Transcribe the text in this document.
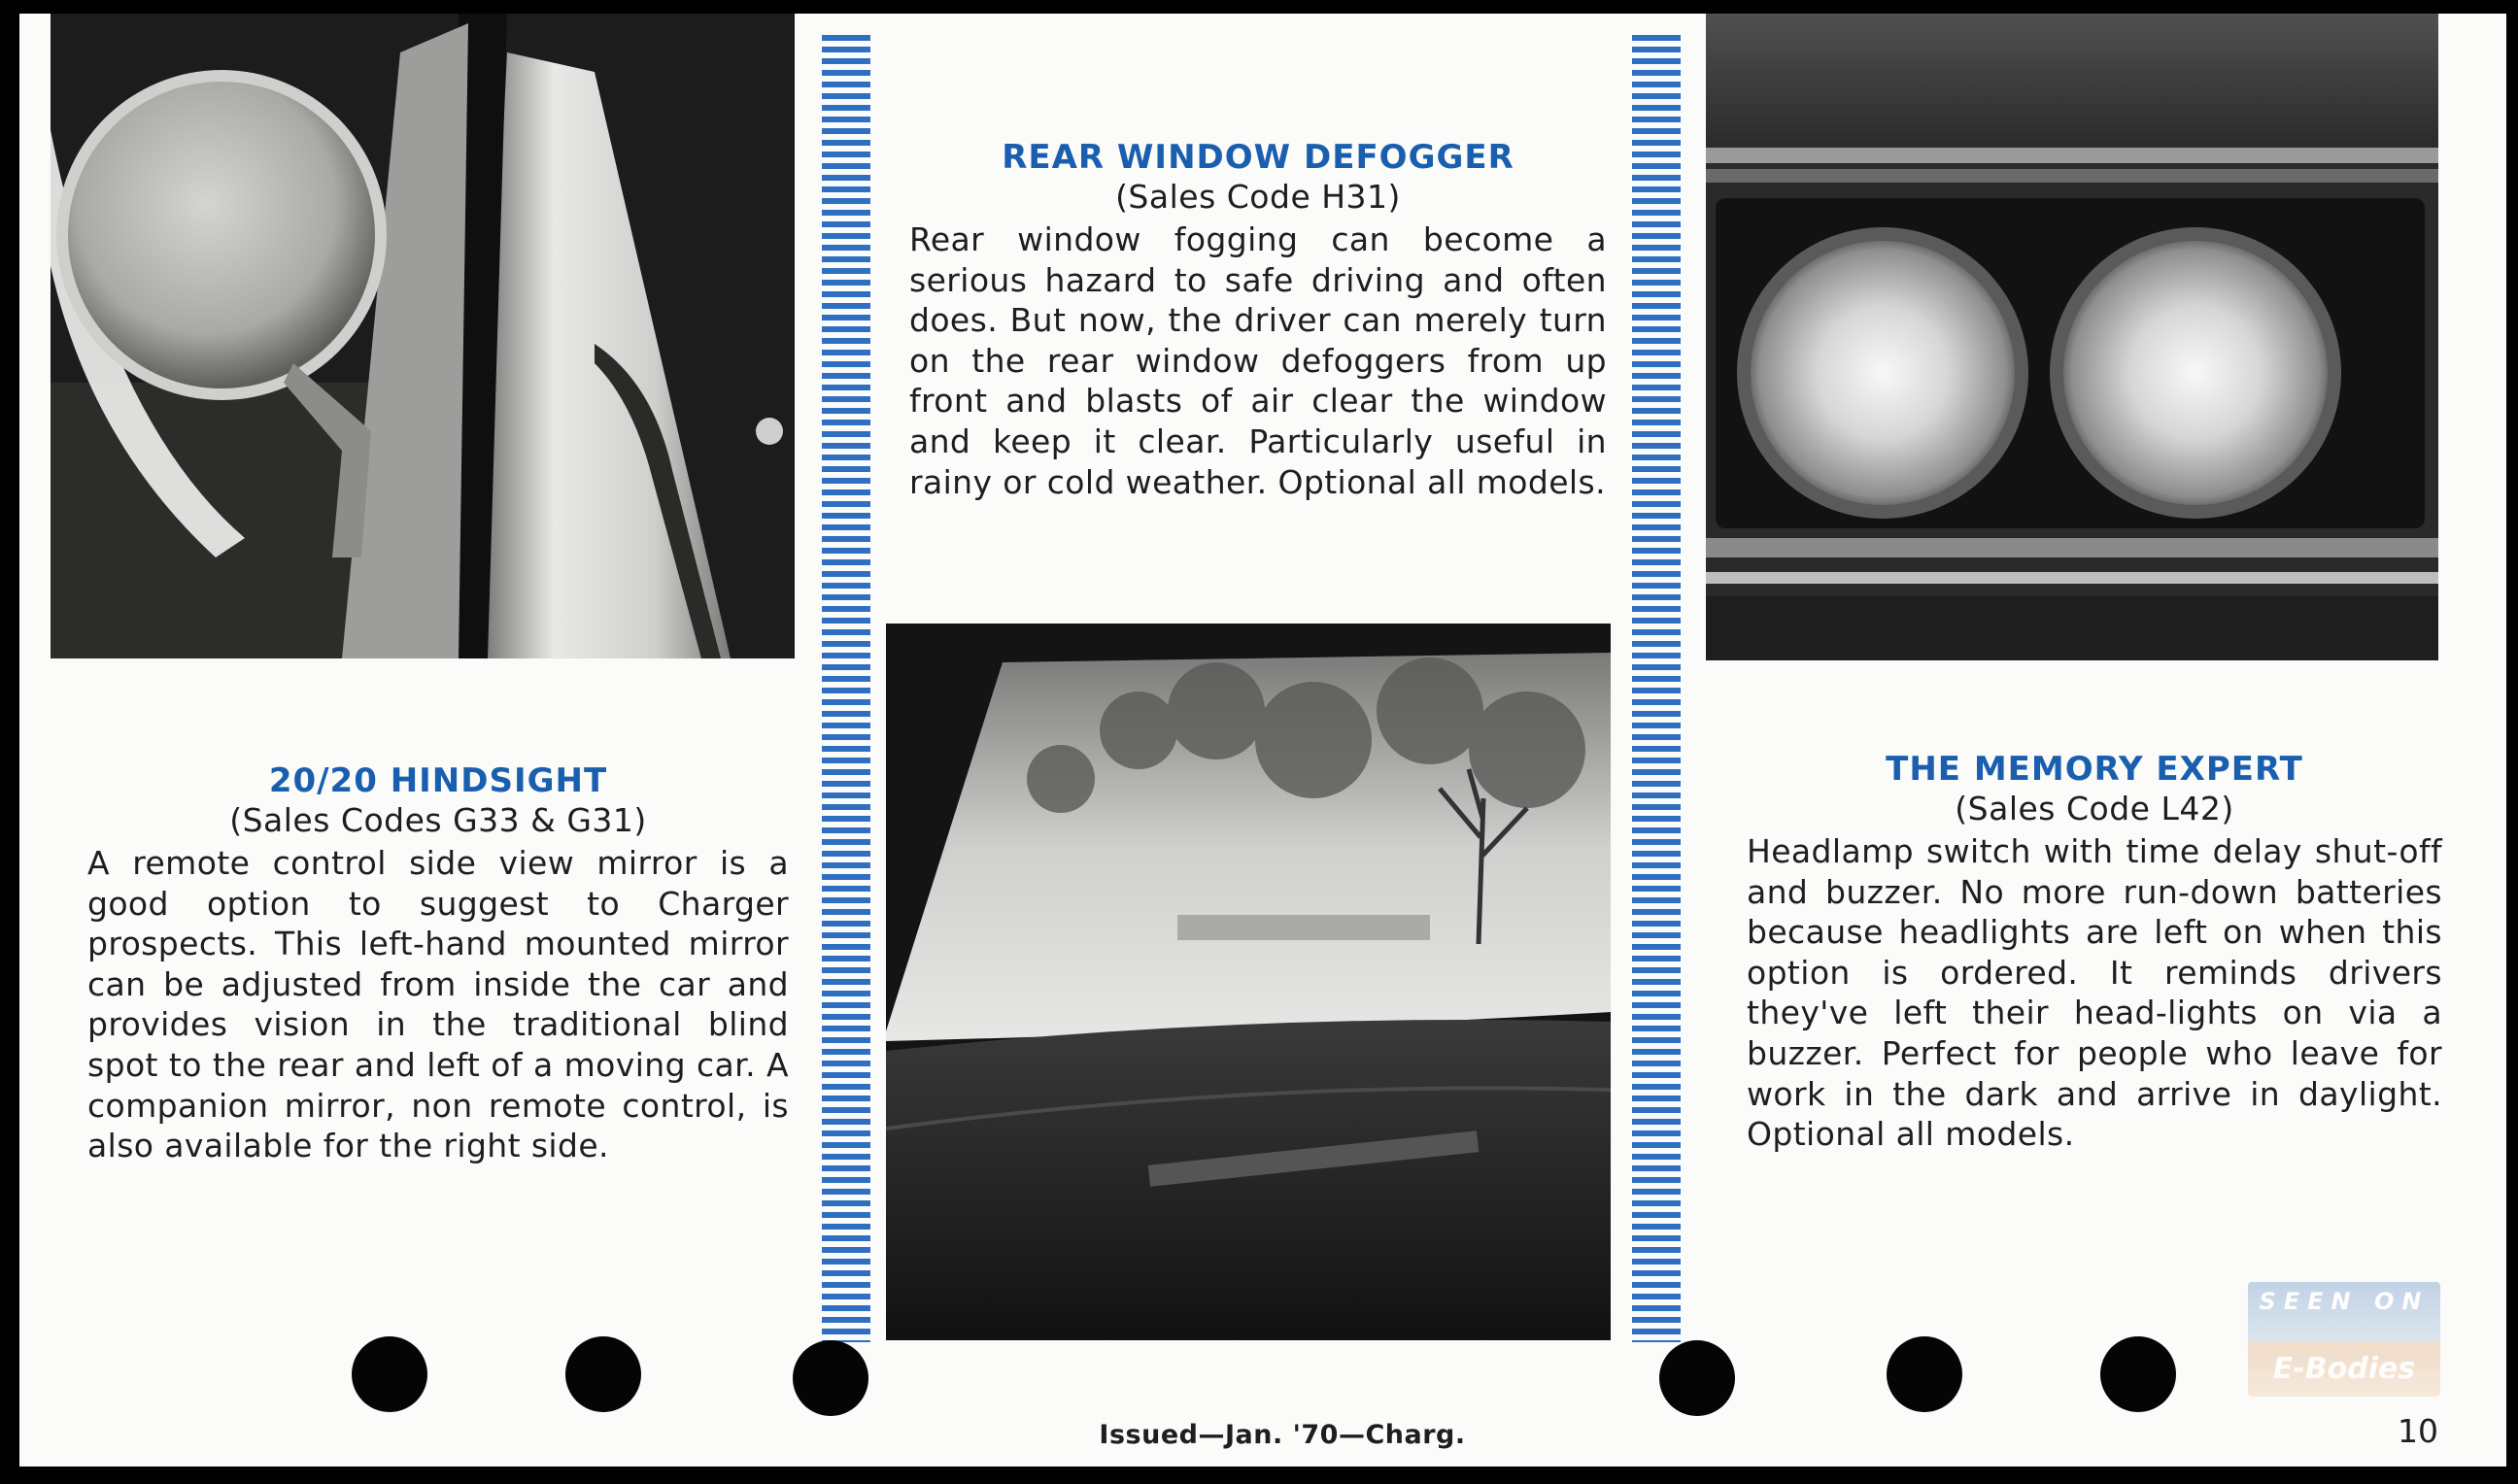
REAR WINDOW DEFOGGER
(Sales Code H31)

Rear window fogging can become a serious hazard to safe driving and often does. But now, the driver can merely turn on the rear window defoggers from up front and blasts of air clear the window and keep it clear. Particularly useful in rainy or cold weather. Optional all models.

20/20 HINDSIGHT
(Sales Codes G33 & G31)

A remote control side view mirror is a good option to suggest to Charger prospects. This left-hand mounted mirror can be adjusted from inside the car and provides vision in the traditional blind spot to the rear and left of a moving car. A companion mirror, non remote control, is also available for the right side.

THE MEMORY EXPERT
(Sales Code L42)

Headlamp switch with time delay shut-off and buzzer. No more run-down batteries because headlights are left on when this option is ordered. It reminds drivers they've left their head-lights on via a buzzer. Perfect for people who leave for work in the dark and arrive in daylight. Optional all models.

SEEN ON
E-Bodies
Issued—Jan. '70—Charg.	10
